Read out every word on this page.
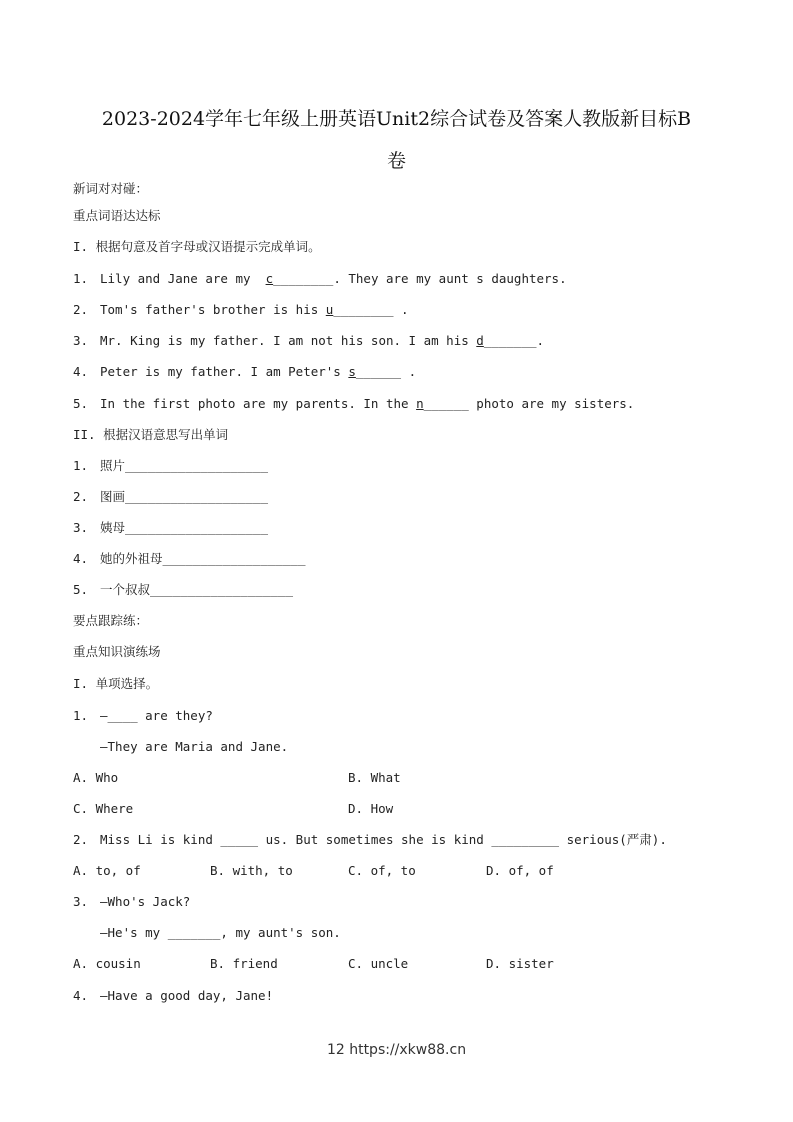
2023-2024学年七年级上册英语Unit2综合试卷及答案人教版新目标B
卷
新词对对碰：
重点词语达达标
I. 根据句意及首字母或汉语提示完成单词。
1. Lily and Jane are my  c________. They are my aunt s daughters.
2. Tom's father's brother is his u________ .
3. Mr. King is my father. I am not his son. I am his d_______.
4. Peter is my father. I am Peter's s______ .
5. In the first photo are my parents. In the n______ photo are my sisters.
II. 根据汉语意思写出单词
1. 照片___________________
2. 图画___________________
3. 姨母___________________
4. 她的外祖母___________________
5. 一个叔叔___________________
要点跟踪练：
重点知识演练场
I. 单项选择。
1. —____ are they?
—They are Maria and Jane.
A. Who	B. What
C. Where	D. How
2. Miss Li is kind _____ us. But sometimes she is kind _________ serious(严肃).
A. to, of	B. with, to	C. of, to	D. of, of
3. —Who's Jack?
—He's my _______, my aunt's son.
A. cousin	B. friend	C. uncle	D. sister
4. —Have a good day, Jane!
12 https://xkw88.cn
